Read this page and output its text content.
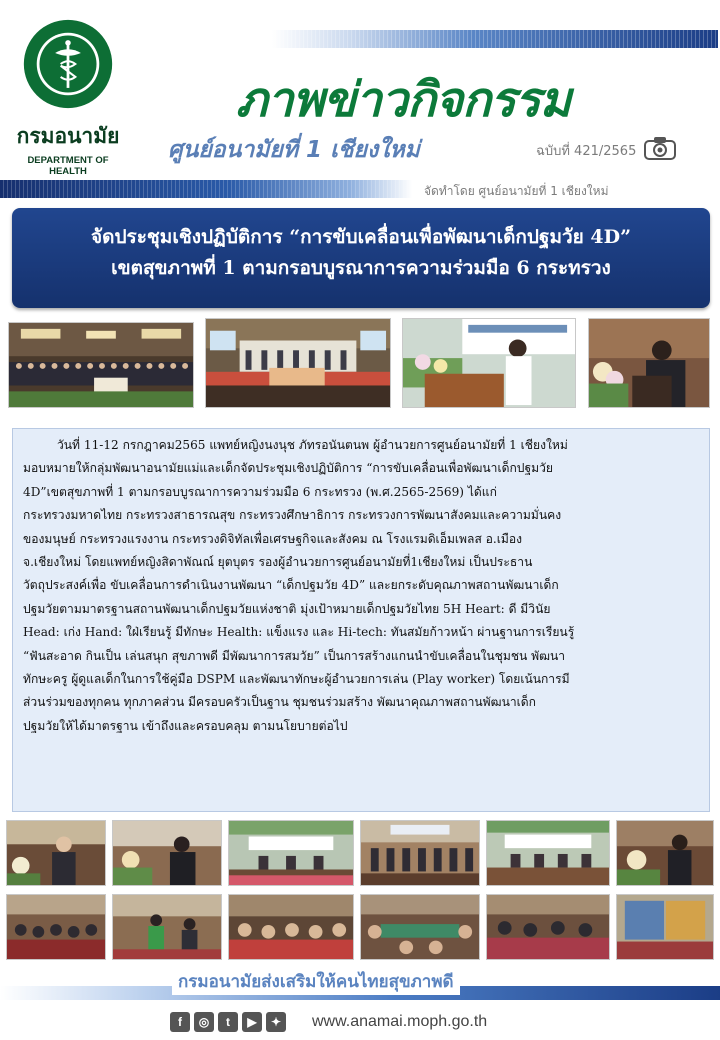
กรมอนามัย
DEPARTMENT OF HEALTH
ภาพข่าวกิจกรรม
ศูนย์อนามัยที่ 1 เชียงใหม่	ฉบับที่ 421/2565
จัดทำโดย ศูนย์อนามัยที่ 1 เชียงใหม่
จัดประชุมเชิงปฏิบัติการ “การขับเคลื่อนเพื่อพัฒนาเด็กปฐมวัย 4D”
เขตสุขภาพที่ 1 ตามกรอบบูรณาการความร่วมมือ 6 กระทรวง
วันที่ 11-12 กรกฎาคม2565 แพทย์หญิงนงนุช ภัทรอนันตนพ ผู้อำนวยการศูนย์อนามัยที่ 1 เชียงใหม่
มอบหมายให้กลุ่มพัฒนาอนามัยแม่และเด็กจัดประชุมเชิงปฏิบัติการ “การขับเคลื่อนเพื่อพัฒนาเด็กปฐมวัย
4D”เขตสุขภาพที่ 1 ตามกรอบบูรณาการความร่วมมือ 6 กระทรวง (พ.ศ.2565-2569) ได้แก่
กระทรวงมหาดไทย กระทรวงสาธารณสุข กระทรวงศึกษาธิการ กระทรวงการพัฒนาสังคมและความมั่นคง
ของมนุษย์ กระทรวงแรงงาน กระทรวงดิจิทัลเพื่อเศรษฐกิจและสังคม ณ โรงแรมดิเอ็มเพลส อ.เมือง
จ.เชียงใหม่ โดยแพทย์หญิงสิดาพัณณ์ ยุตบุตร รองผู้อำนวยการศูนย์อนามัยที่1เชียงใหม่ เป็นประธาน
วัตถุประสงค์เพื่อ ขับเคลื่อนการดำเนินงานพัฒนา “เด็กปฐมวัย 4D” และยกระดับคุณภาพสถานพัฒนาเด็ก
ปฐมวัยตามมาตรฐานสถานพัฒนาเด็กปฐมวัยแห่งชาติ มุ่งเป้าหมายเด็กปฐมวัยไทย 5H Heart: ดี มีวินัย
Head: เก่ง Hand: ใฝ่เรียนรู้ มีทักษะ Health: แข็งแรง และ Hi-tech: ทันสมัยก้าวหน้า ผ่านฐานการเรียนรู้
“ฟันสะอาด กินเป็น เล่นสนุก สุขภาพดี มีพัฒนาการสมวัย” เป็นการสร้างแกนนำขับเคลื่อนในชุมชน พัฒนา
ทักษะครู ผู้ดูแลเด็กในการใช้คู่มือ DSPM และพัฒนาทักษะผู้อำนวยการเล่น (Play worker) โดยเน้นการมี
ส่วนร่วมของทุกคน ทุกภาคส่วน มีครอบครัวเป็นฐาน ชุมชนร่วมสร้าง พัฒนาคุณภาพสถานพัฒนาเด็ก
ปฐมวัยให้ได้มาตรฐาน เข้าถึงและครอบคลุม ตามนโยบายต่อไป
กรมอนามัยส่งเสริมให้คนไทยสุขภาพดี
f	◎	t	▶	✦	www.anamai.moph.go.th
